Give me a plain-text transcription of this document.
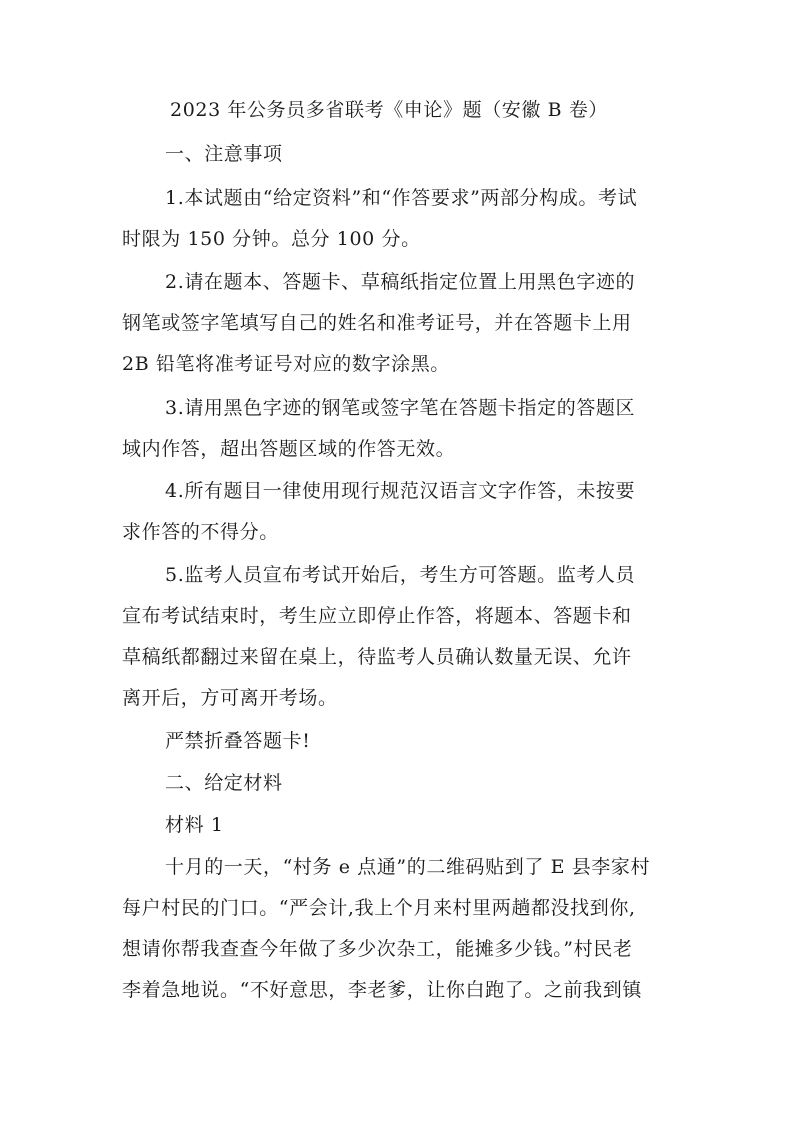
2023 年公务员多省联考《申论》题（安徽 B 卷）
一、注意事项
1.本试题由“给定资料”和“作答要求”两部分构成。考试
时限为 150 分钟。总分 100 分。
2.请在题本、答题卡、草稿纸指定位置上用黑色字迹的
钢笔或签字笔填写自己的姓名和准考证号，并在答题卡上用
2B 铅笔将准考证号对应的数字涂黑。
3.请用黑色字迹的钢笔或签字笔在答题卡指定的答题区
域内作答，超出答题区域的作答无效。
4.所有题目一律使用现行规范汉语言文字作答，未按要
求作答的不得分。
5.监考人员宣布考试开始后，考生方可答题。监考人员
宣布考试结束时，考生应立即停止作答，将题本、答题卡和
草稿纸都翻过来留在桌上，待监考人员确认数量无误、允许
离开后，方可离开考场。
严禁折叠答题卡!
二、给定材料
材料 1
十月的一天，“村务 e 点通”的二维码贴到了 E 县李家村
每户村民的门口。“严会计,我上个月来村里两趟都没找到你,
想请你帮我查查今年做了多少次杂工，能摊多少钱。”村民老
李着急地说。“不好意思，李老爹，让你白跑了。之前我到镇
